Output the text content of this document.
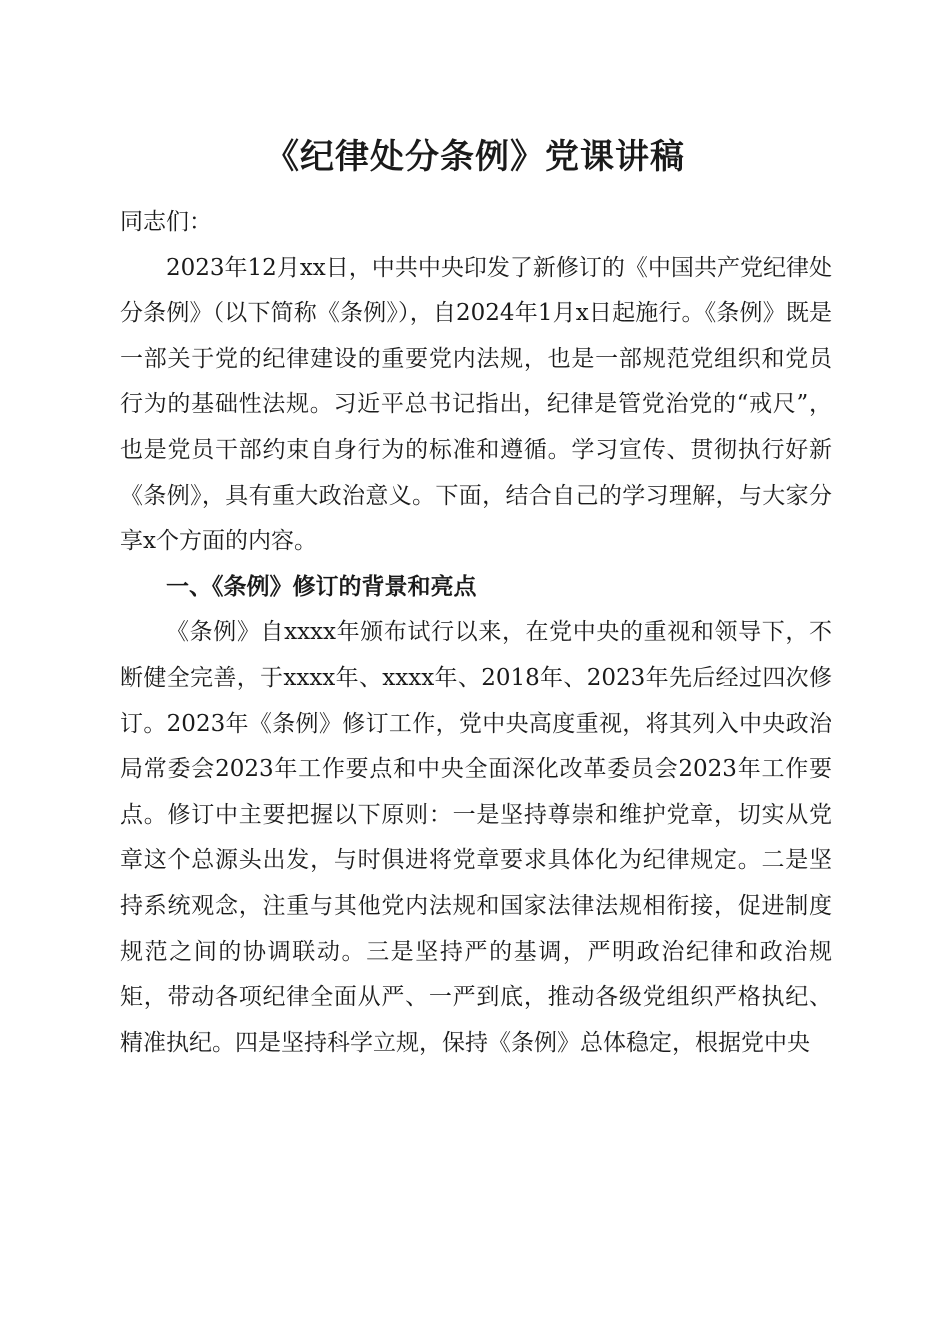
《纪律处分条例》党课讲稿

同志们：

2023年12月xx日，中共中央印发了新修订的《中国共产党纪律处分条例》（以下简称《条例》），自2024年1月x日起施行。《条例》既是一部关于党的纪律建设的重要党内法规，也是一部规范党组织和党员行为的基础性法规。习近平总书记指出，纪律是管党治党的“戒尺”，也是党员干部约束自身行为的标准和遵循。学习宣传、贯彻执行好新《条例》，具有重大政治意义。下面，结合自己的学习理解，与大家分享x个方面的内容。

一、《条例》修订的背景和亮点

《条例》自xxxx年颁布试行以来，在党中央的重视和领导下，不断健全完善，于xxxx年、xxxx年、2018年、2023年先后经过四次修订。2023年《条例》修订工作，党中央高度重视，将其列入中央政治局常委会2023年工作要点和中央全面深化改革委员会2023年工作要点。修订中主要把握以下原则：一是坚持尊崇和维护党章，切实从党章这个总源头出发，与时俱进将党章要求具体化为纪律规定。二是坚持系统观念，注重与其他党内法规和国家法律法规相衔接，促进制度规范之间的协调联动。三是坚持严的基调，严明政治纪律和政治规矩，带动各项纪律全面从严、一严到底，推动各级党组织严格执纪、精准执纪。四是坚持科学立规，保持《条例》总体稳定，根据党中央
